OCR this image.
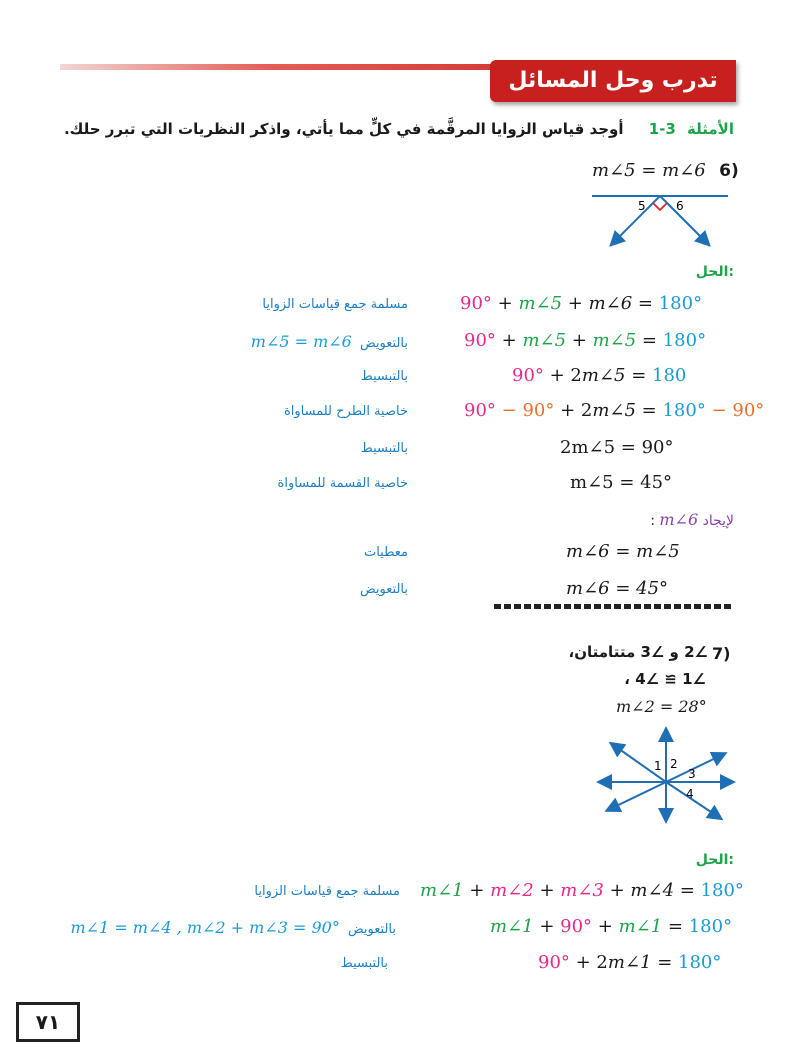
تدرب وحل المسائل
الأمثلة 1-3 أوجد قياس الزوايا المرقَّمة في كلٍّ مما يأتي، واذكر النظريات التي تبرر حلك.
m∠5 = m∠6 6)
5	6
الحل:
90° + m∠5 + m∠6 = 180°
مسلمة جمع قياسات الزوايا
90° + m∠5 + m∠5 = 180°
بالتعويض m∠5 = m∠6
90° + 2m∠5 = 180
بالتبسيط
90° − 90° + 2m∠5 = 180° − 90°
خاصية الطرح للمساواة
2m∠5 = 90°
بالتبسيط
m∠5 = 45°
خاصية القسمة للمساواة
لإيجاد m∠6 :
m∠6 = m∠5
معطيات
m∠6 = 45°
بالتعويض
7)
∠2 و ∠3 متتامتان،
∠1 ≅ ∠4 ،
m∠2 = 28°
1 2
3
4
الحل:
m∠1 + m∠2 + m∠3 + m∠4 = 180°
مسلمة جمع قياسات الزوايا
m∠1 + 90° + m∠1 = 180°
بالتعويض m∠1 = m∠4 , m∠2 + m∠3 = 90°
90° + 2m∠1 = 180°
بالتبسيط
٧١
